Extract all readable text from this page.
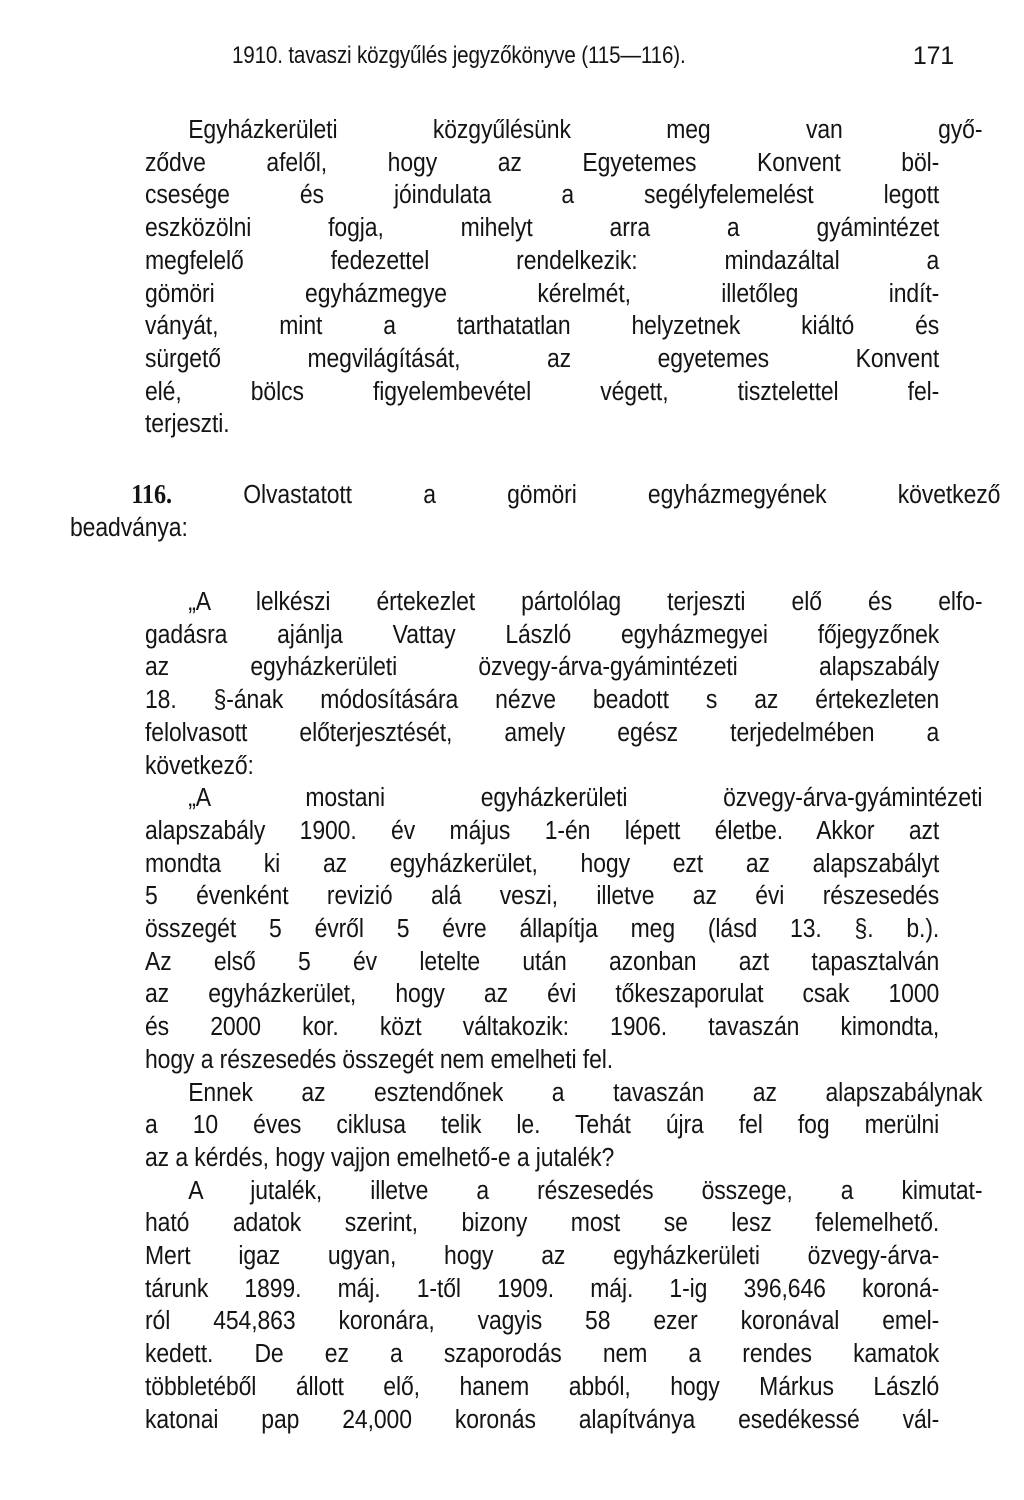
1910. tavaszi közgyűlés jegyzőkönyve (115—116).	171
Egyházkerületi közgyűlésünk meg van győ-
ződve afelől, hogy az Egyetemes Konvent böl-
csesége és jóindulata a segélyfelemelést legott
eszközölni fogja, mihelyt arra a gyámintézet
megfelelő fedezettel rendelkezik: mindazáltal a
gömöri egyházmegye kérelmét, illetőleg indít-
ványát, mint a tarthatatlan helyzetnek kiáltó és
sürgető megvilágítását, az egyetemes Konvent
elé, bölcs figyelembevétel végett, tisztelettel fel-
terjeszti.
116.	Olvastatott a gömöri egyházmegyének következő
beadványa:
„A lelkészi értekezlet pártolólag terjeszti elő és elfo-
gadásra ajánlja Vattay László egyházmegyei főjegyzőnek
az egyházkerületi özvegy-árva-gyámintézeti alapszabály
18. §-ának módosítására nézve beadott s az értekezleten
felolvasott előterjesztését, amely egész terjedelmében a
következő:
„A mostani egyházkerületi özvegy-árva-gyámintézeti
alapszabály 1900. év május 1-én lépett életbe. Akkor azt
mondta ki az egyházkerület, hogy ezt az alapszabályt
5 évenként revizió alá veszi, illetve az évi részesedés
összegét 5 évről 5 évre állapítja meg (lásd 13. §. b.).
Az első 5 év letelte után azonban azt tapasztalván
az egyházkerület, hogy az évi tőkeszaporulat csak 1000
és 2000 kor. közt váltakozik: 1906. tavaszán kimondta,
hogy a részesedés összegét nem emelheti fel.
Ennek az esztendőnek a tavaszán az alapszabálynak
a 10 éves ciklusa telik le. Tehát újra fel fog merülni
az a kérdés, hogy vajjon emelhető-e a jutalék?
A jutalék, illetve a részesedés összege, a kimutat-
ható adatok szerint, bizony most se lesz felemelhető.
Mert igaz ugyan, hogy az egyházkerületi özvegy-árva-
tárunk 1899. máj. 1-től 1909. máj. 1-ig 396,646 koroná-
ról 454,863 koronára, vagyis 58 ezer koronával emel-
kedett. De ez a szaporodás nem a rendes kamatok
többletéből állott elő, hanem abból, hogy Márkus László
katonai pap 24,000 koronás alapítványa esedékessé vál-
